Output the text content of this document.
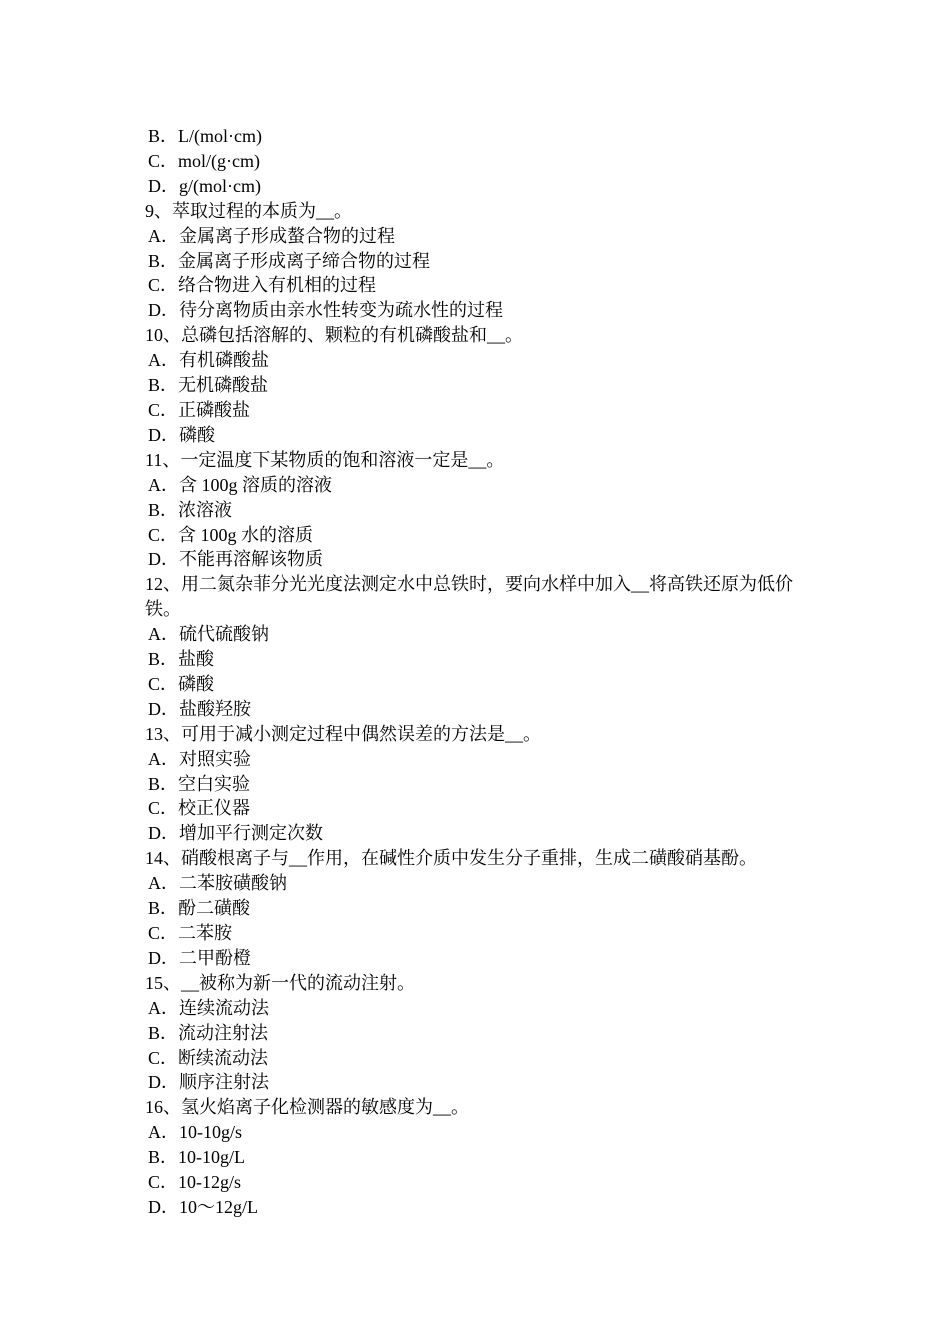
B．L/(mol·cm)

C．mol/(g·cm)

D．g/(mol·cm)

9、萃取过程的本质为__。

A．金属离子形成螯合物的过程

B．金属离子形成离子缔合物的过程

C．络合物进入有机相的过程

D．待分离物质由亲水性转变为疏水性的过程

10、总磷包括溶解的、颗粒的有机磷酸盐和__。

A．有机磷酸盐

B．无机磷酸盐

C．正磷酸盐

D．磷酸

11、一定温度下某物质的饱和溶液一定是__。

A．含 100g 溶质的溶液

B．浓溶液

C．含 100g 水的溶质

D．不能再溶解该物质

12、用二氮杂菲分光光度法测定水中总铁时，要向水样中加入__将高铁还原为低价铁。

A．硫代硫酸钠

B．盐酸

C．磷酸

D．盐酸羟胺

13、可用于减小测定过程中偶然误差的方法是__。

A．对照实验

B．空白实验

C．校正仪器

D．增加平行测定次数

14、硝酸根离子与__作用，在碱性介质中发生分子重排，生成二磺酸硝基酚。

A．二苯胺磺酸钠

B．酚二磺酸

C．二苯胺

D．二甲酚橙

15、__被称为新一代的流动注射。

A．连续流动法

B．流动注射法

C．断续流动法

D．顺序注射法

16、氢火焰离子化检测器的敏感度为__。

A．10-10g/s

B．10-10g/L

C．10-12g/s

D．10～12g/L
